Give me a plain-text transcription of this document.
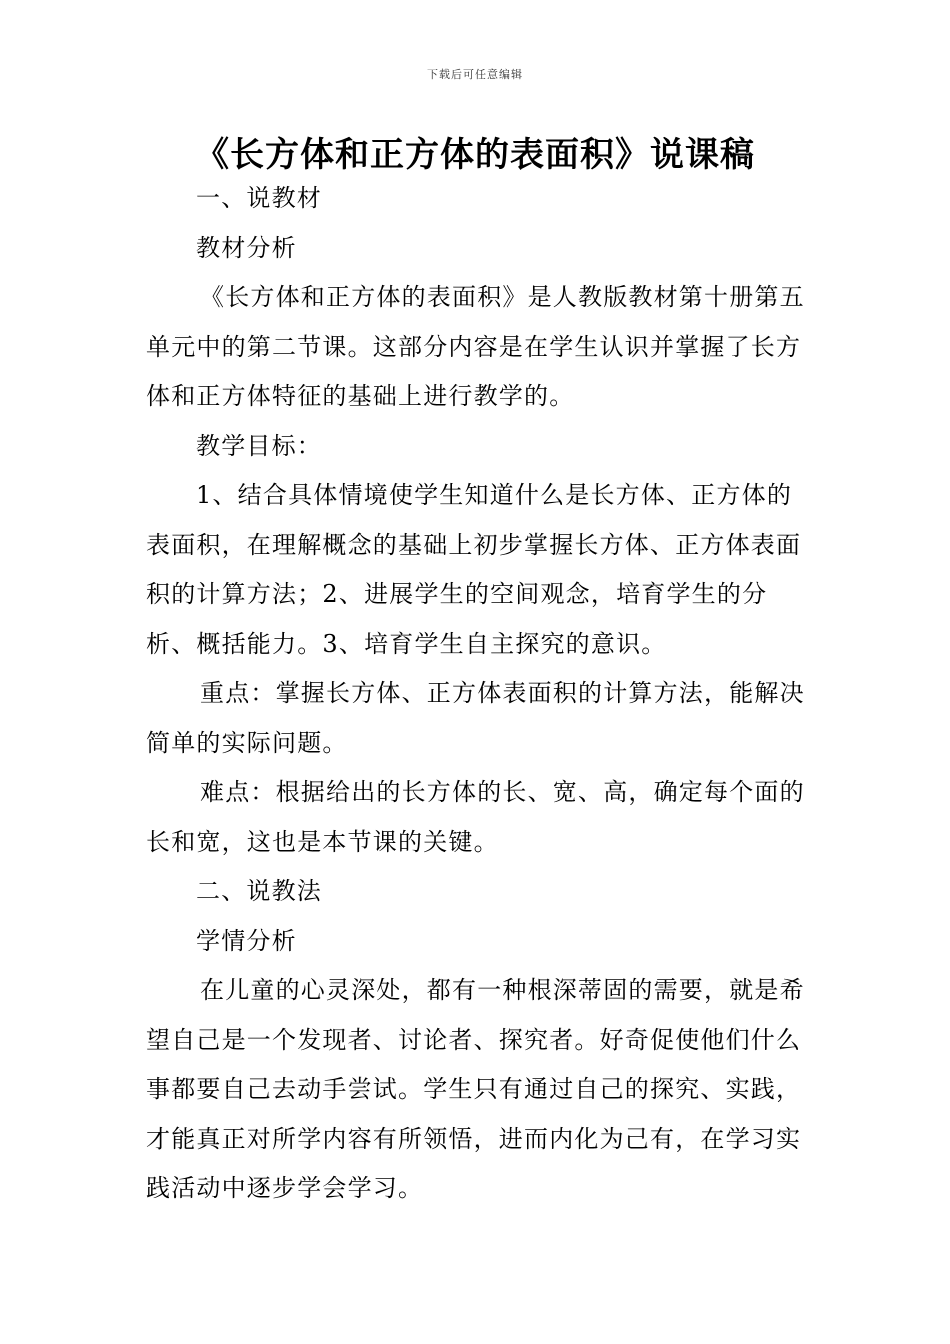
下载后可任意编辑
《长方体和正方体的表面积》说课稿

一、说教材

教材分析

《长方体和正方体的表面积》是人教版教材第十册第五单元中的第二节课。这部分内容是在学生认识并掌握了长方体和正方体特征的基础上进行教学的。

教学目标：

1、结合具体情境使学生知道什么是长方体、正方体的表面积，在理解概念的基础上初步掌握长方体、正方体表面积的计算方法；2、进展学生的空间观念，培育学生的分析、概括能力。3、培育学生自主探究的意识。

重点：掌握长方体、正方体表面积的计算方法，能解决简单的实际问题。

难点：根据给出的长方体的长、宽、高，确定每个面的长和宽，这也是本节课的关键。

二、说教法

学情分析

在儿童的心灵深处，都有一种根深蒂固的需要，就是希望自己是一个发现者、讨论者、探究者。好奇促使他们什么事都要自己去动手尝试。学生只有通过自己的探究、实践，才能真正对所学内容有所领悟，进而内化为己有，在学习实践活动中逐步学会学习。
